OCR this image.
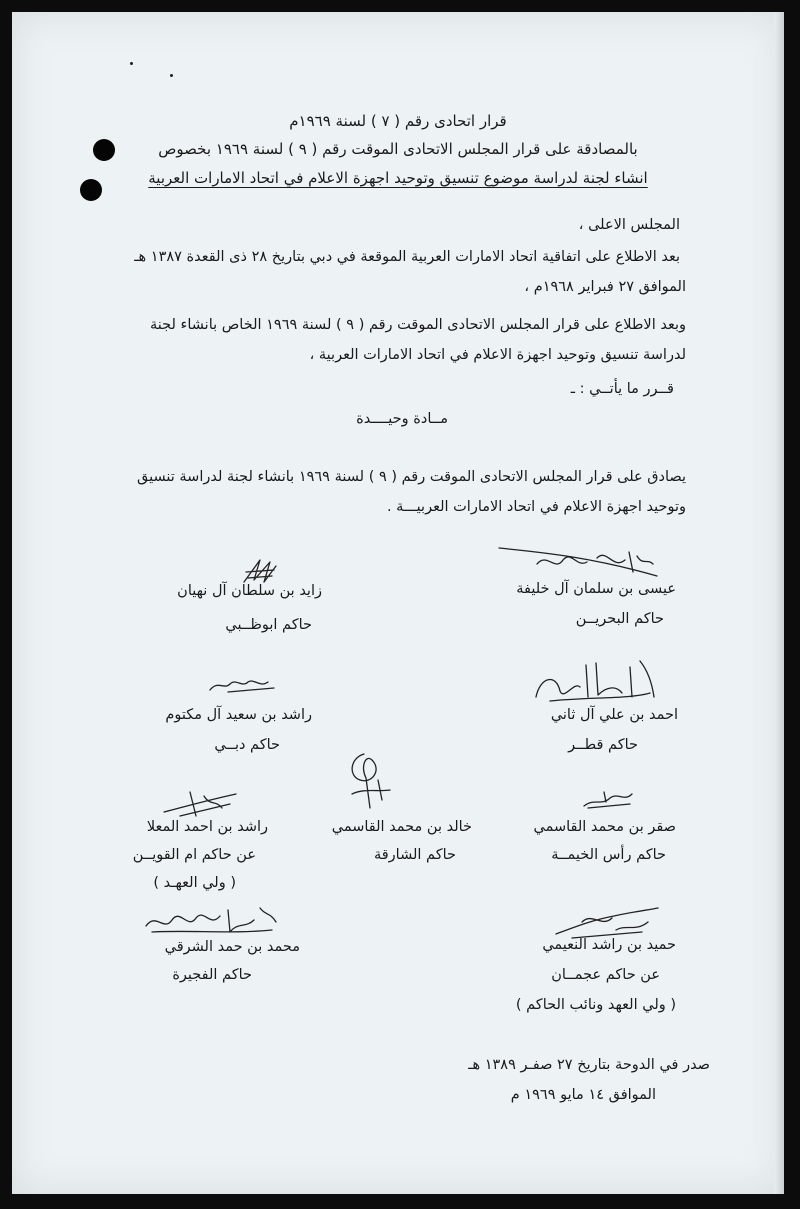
قرار اتحادى رقم ( ٧ ) لسنة ١٩٦٩م
بالمصادقة على قرار المجلس الاتحادى الموقت رقم ( ٩ ) لسنة ١٩٦٩ بخصوص
انشاء لجنة لدراسة موضوع تنسيق وتوحيد اجهزة الاعلام في اتحاد الامارات العربية
المجلس الاعلى ،
بعد الاطلاع على اتفاقية اتحاد الامارات العربية الموقعة في دبي بتاريخ ٢٨ ذى القعدة ١٣٨٧ هـ
الموافق ٢٧ فبراير ١٩٦٨م ،
وبعد الاطلاع على قرار المجلس الاتحادى الموقت رقم ( ٩ ) لسنة ١٩٦٩ الخاص بانشاء لجنة
لدراسة تنسيق وتوحيد اجهزة الاعلام في اتحاد الامارات العربية ،
قــرر ما يأتــي : ـ
مــادة وحيــــدة
يصادق على قرار المجلس الاتحادى الموقت رقم ( ٩ ) لسنة ١٩٦٩ بانشاء لجنة لدراسة تنسيق
وتوحيد اجهزة الاعلام في اتحاد الامارات العربيـــة .
عيسى بن سلمان آل خليفة
حاكم البحريــن
زايد بن سلطان آل نهيان
حاكم ابوظــبي
احمد بن علي آل ثاني
حاكم قطــر
راشد بن سعيد آل مكتوم
حاكم دبــي
صقر بن محمد القاسمي
حاكم رأس الخيمــة
خالد بن محمد القاسمي
حاكم الشارقة
راشد بن احمد المعلا
عن حاكم ام القويــن
( ولي العهـد )
حميد بن راشد النعيمي
عن حاكم عجمــان
( ولي العهد ونائب الحاكم )
محمد بن حمد الشرقي
حاكم الفجيرة
صدر في الدوحة بتاريخ ٢٧ صفـر ١٣٨٩ هـ
الموافق ١٤ مايو ١٩٦٩ م
